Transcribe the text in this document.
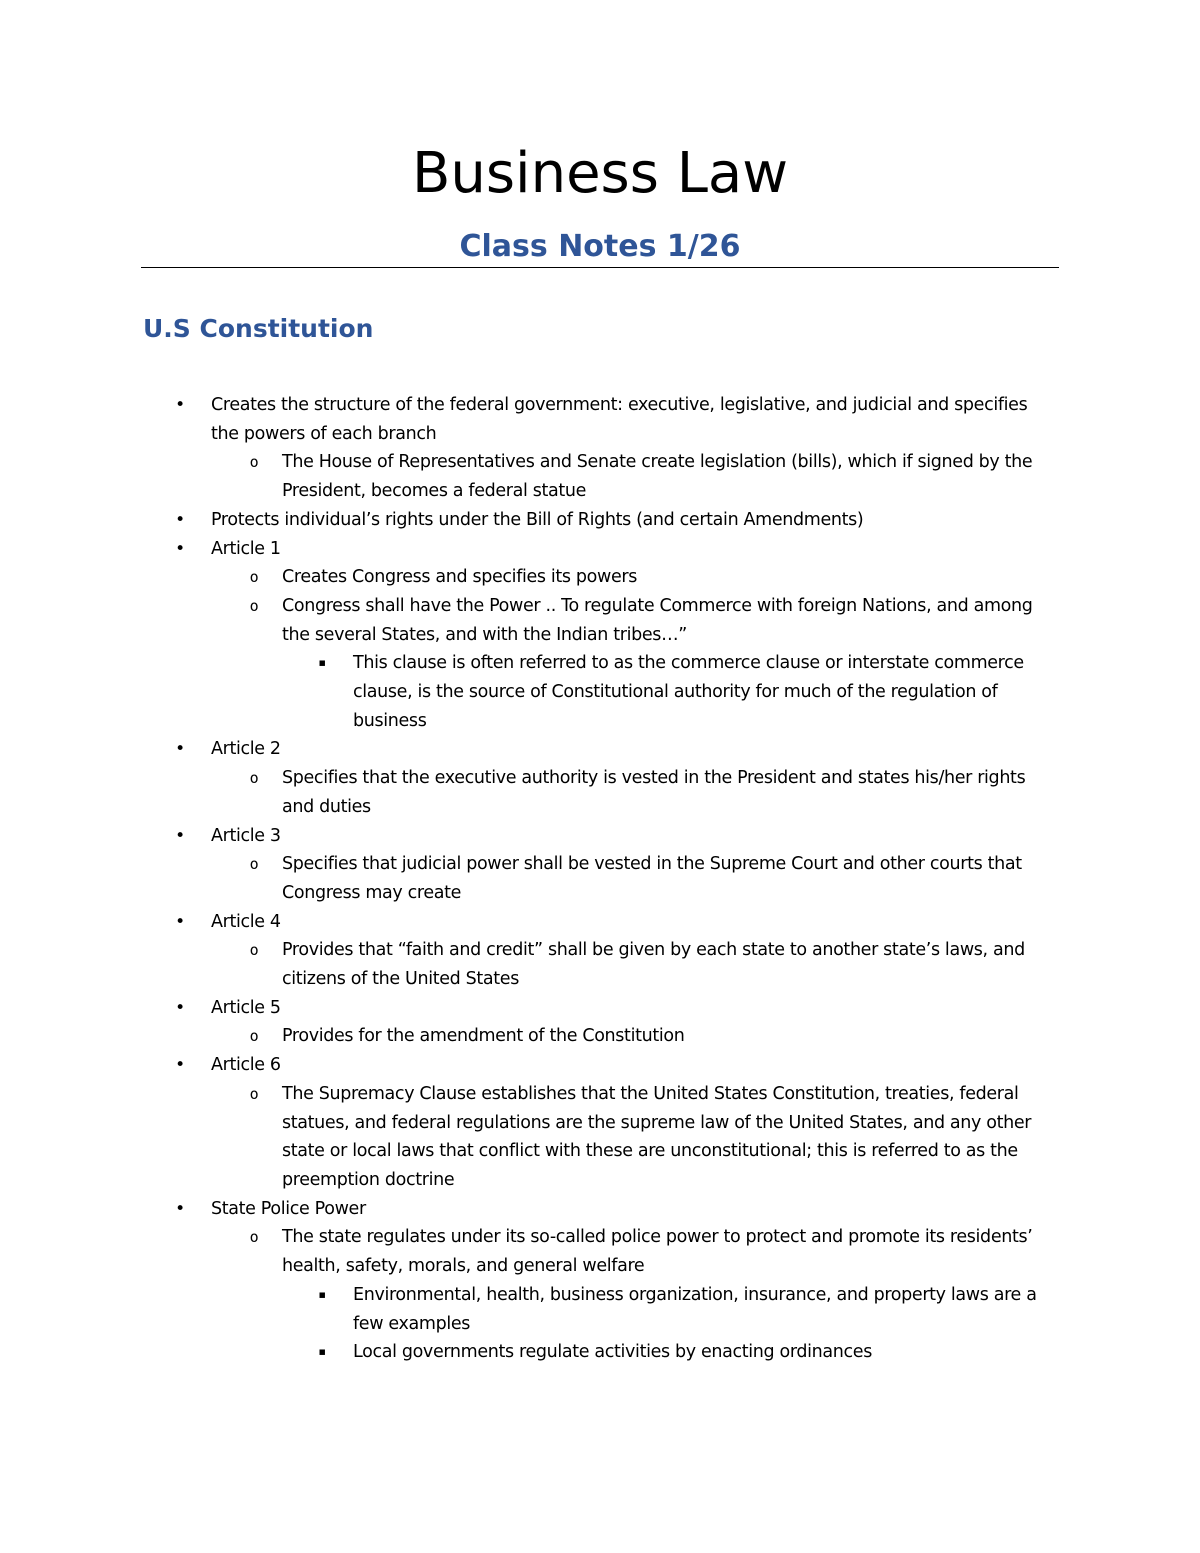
Business Law
Class Notes 1/26
U.S Constitution
• Creates the structure of the federal government: executive, legislative, and judicial and specifies the powers of each branch
o The House of Representatives and Senate create legislation (bills), which if signed by the President, becomes a federal statue
• Protects individual’s rights under the Bill of Rights (and certain Amendments)
• Article 1
o Creates Congress and specifies its powers
o Congress shall have the Power .. To regulate Commerce with foreign Nations, and among the several States, and with the Indian tribes…”
▪ This clause is often referred to as the commerce clause or interstate commerce clause, is the source of Constitutional authority for much of the regulation of business
• Article 2
o Specifies that the executive authority is vested in the President and states his/her rights and duties
• Article 3
o Specifies that judicial power shall be vested in the Supreme Court and other courts that Congress may create
• Article 4
o Provides that “faith and credit” shall be given by each state to another state’s laws, and citizens of the United States
• Article 5
o Provides for the amendment of the Constitution
• Article 6
o The Supremacy Clause establishes that the United States Constitution, treaties, federal statues, and federal regulations are the supreme law of the United States, and any other state or local laws that conflict with these are unconstitutional; this is referred to as the preemption doctrine
• State Police Power
o The state regulates under its so-called police power to protect and promote its residents’ health, safety, morals, and general welfare
▪ Environmental, health, business organization, insurance, and property laws are a few examples
▪ Local governments regulate activities by enacting ordinances
